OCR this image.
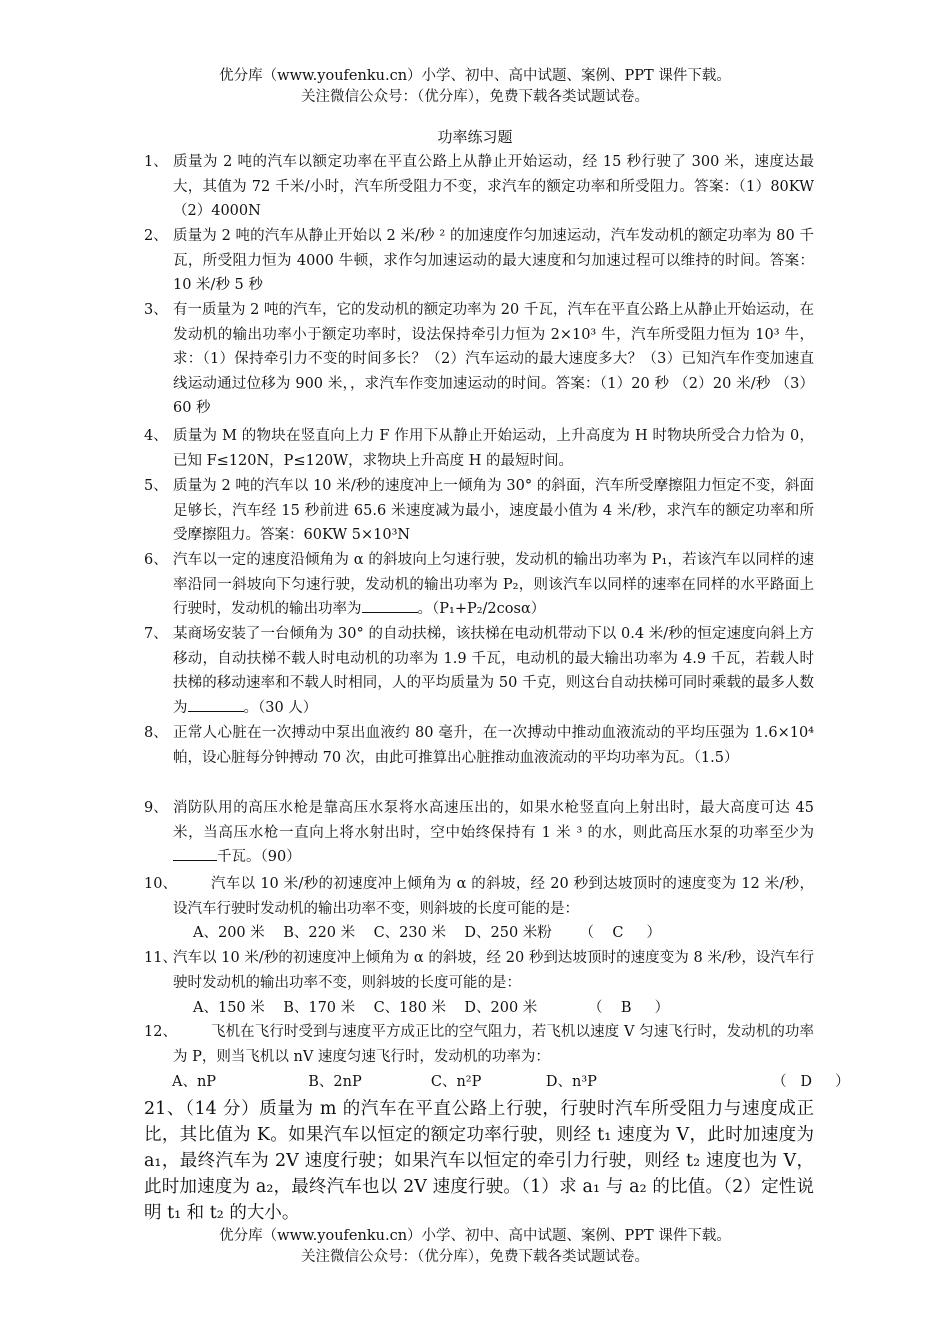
优分库（www.youfenku.cn）小学、初中、高中试题、案例、PPT 课件下载。
关注微信公众号：（优分库），免费下载各类试题试卷。
功率练习题
1、 质量为 2 吨的汽车以额定功率在平直公路上从静止开始运动，经 15 秒行驶了 300 米，速度达最大，其值为 72 千米/小时，汽车所受阻力不变，求汽车的额定功率和所受阻力。答案：（1）80KW （2）4000N
2、 质量为 2 吨的汽车从静止开始以 2 米/秒 ² 的加速度作匀加速运动，汽车发动机的额定功率为 80 千瓦，所受阻力恒为 4000 牛顿，求作匀加速运动的最大速度和匀加速过程可以维持的时间。答案：10 米/秒 5 秒
3、 有一质量为 2 吨的汽车，它的发动机的额定功率为 20 千瓦，汽车在平直公路上从静止开始运动，在发动机的输出功率小于额定功率时，设法保持牵引力恒为 2×10³ 牛，汽车所受阻力恒为 10³ 牛，求：（1）保持牵引力不变的时间多长？（2）汽车运动的最大速度多大？（3）已知汽车作变加速直线运动通过位移为 900 米，，求汽车作变加速运动的时间。答案：（1）20 秒 （2）20 米/秒 （3）60 秒
4、 质量为 M 的物块在竖直向上力 F 作用下从静止开始运动，上升高度为 H 时物块所受合力恰为 0，已知 F≤120N，P≤120W，求物块上升高度 H 的最短时间。
5、 质量为 2 吨的汽车以 10 米/秒的速度冲上一倾角为 30° 的斜面，汽车所受摩擦阻力恒定不变，斜面足够长，汽车经 15 秒前进 65.6 米速度减为最小，速度最小值为 4 米/秒，求汽车的额定功率和所受摩擦阻力。答案：60KW 5×10³N
6、 汽车以一定的速度沿倾角为 α 的斜坡向上匀速行驶，发动机的输出功率为 P₁，若该汽车以同样的速率沿同一斜坡向下匀速行驶，发动机的输出功率为 P₂，则该汽车以同样的速率在同样的水平路面上行驶时，发动机的输出功率为	。（P₁+P₂/2cosα）
7、 某商场安装了一台倾角为 30° 的自动扶梯，该扶梯在电动机带动下以 0.4 米/秒的恒定速度向斜上方移动，自动扶梯不载人时电动机的功率为 1.9 千瓦，电动机的最大输出功率为 4.9 千瓦，若载人时扶梯的移动速率和不载人时相同，人的平均质量为 50 千克，则这台自动扶梯可同时乘载的最多人数为	。（30 人）
8、 正常人心脏在一次搏动中泵出血液约 80 毫升，在一次搏动中推动血液流动的平均压强为 1.6×10⁴ 帕，设心脏每分钟搏动 70 次，由此可推算出心脏推动血液流动的平均功率为瓦。（1.5）
9、 消防队用的高压水枪是靠高压水泵将水高速压出的，如果水枪竖直向上射出时，最大高度可达 45 米，当高压水枪一直向上将水射出时，空中始终保持有 1 米 ³ 的水，则此高压水泵的功率至少为千瓦。（90）
10、	汽车以 10 米/秒的初速度冲上倾角为 α 的斜坡，经 20 秒到达坡顶时的速度变为 12 米/秒，设汽车行驶时发动机的输出功率不变，则斜坡的长度可能的是：
A、200 米    B、220 米    C、230 米    D、250 米粉      （    C     ）
11、
汽车以 10 米/秒的初速度冲上倾角为 α 的斜坡，经 20 秒到达坡顶时的速度变为 8 米/秒，设汽车行驶时发动机的输出功率不变，则斜坡的长度可能的是：
A、150 米    B、170 米    C、180 米    D、200 米           （    B     ）
12、	飞机在飞行时受到与速度平方成正比的空气阻力，若飞机以速度 V 匀速飞行时，发动机的功率为 P，则当飞机以 nV 速度匀速飞行时，发动机的功率为：
A、nP                    B、2nP               C、n²P              D、n³P                                      （   D     ）
21、（14 分）质量为 m 的汽车在平直公路上行驶，行驶时汽车所受阻力与速度成正比，其比值为 K。如果汽车以恒定的额定功率行驶，则经 t₁ 速度为 V，此时加速度为 a₁，最终汽车为 2V 速度行驶；如果汽车以恒定的牵引力行驶，则经 t₂ 速度也为 V，此时加速度为 a₂，最终汽车也以 2V 速度行驶。（1）求 a₁ 与 a₂ 的比值。（2）定性说明 t₁ 和 t₂ 的大小。
优分库（www.youfenku.cn）小学、初中、高中试题、案例、PPT 课件下载。
关注微信公众号：（优分库），免费下载各类试题试卷。
